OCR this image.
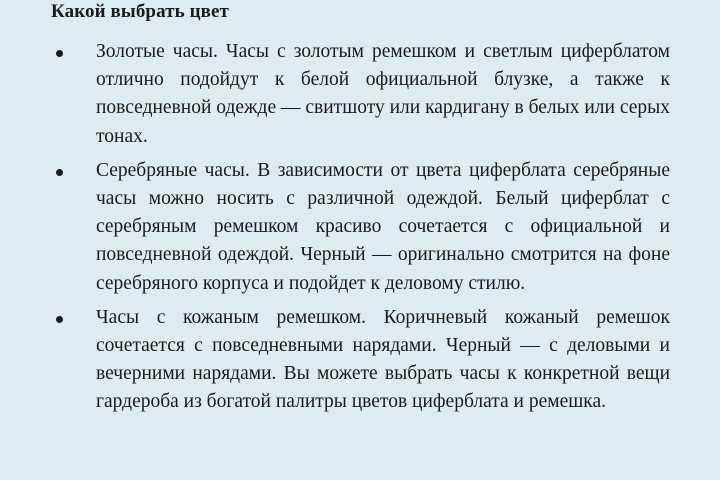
Какой выбрать цвет
Золотые часы. Часы с золотым ремешком и светлым циферблатом отлично подойдут к белой официальной блузке, а также к повседневной одежде — свитшоту или кардигану в белых или серых тонах.
Серебряные часы. В зависимости от цвета циферблата серебряные часы можно носить с различной одеждой. Белый циферблат с серебряным ремешком красиво сочетается с официальной и повседневной одеждой. Черный — оригинально смотрится на фоне серебряного корпуса и подойдет к деловому стилю.
Часы с кожаным ремешком. Коричневый кожаный ремешок сочетается с повседневными нарядами. Черный — с деловыми и вечерними нарядами. Вы можете выбрать часы к конкретной вещи гардероба из богатой палитры цветов циферблата и ремешка.
